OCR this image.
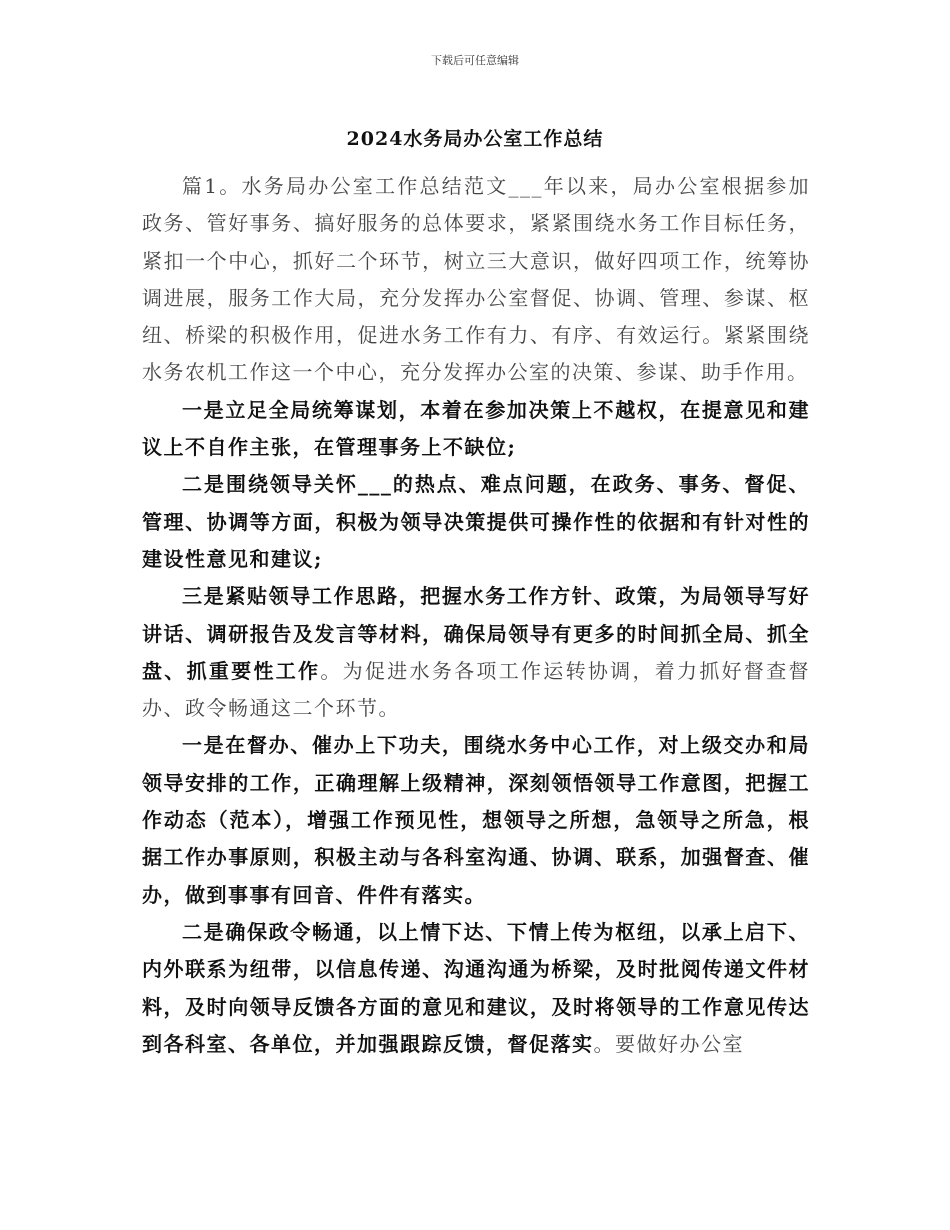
下载后可任意编辑
2024水务局办公室工作总结

篇1。水务局办公室工作总结范文___年以来，局办公室根据参加政务、管好事务、搞好服务的总体要求，紧紧围绕水务工作目标任务，紧扣一个中心，抓好二个环节，树立三大意识，做好四项工作，统筹协调进展，服务工作大局，充分发挥办公室督促、协调、管理、参谋、枢纽、桥梁的积极作用，促进水务工作有力、有序、有效运行。紧紧围绕水务农机工作这一个中心，充分发挥办公室的决策、参谋、助手作用。

一是立足全局统筹谋划，本着在参加决策上不越权，在提意见和建议上不自作主张，在管理事务上不缺位;

二是围绕领导关怀___的热点、难点问题，在政务、事务、督促、管理、协调等方面，积极为领导决策提供可操作性的依据和有针对性的建设性意见和建议;

三是紧贴领导工作思路，把握水务工作方针、政策，为局领导写好讲话、调研报告及发言等材料，确保局领导有更多的时间抓全局、抓全盘、抓重要性工作。为促进水务各项工作运转协调，着力抓好督查督办、政令畅通这二个环节。

一是在督办、催办上下功夫，围绕水务中心工作，对上级交办和局领导安排的工作，正确理解上级精神，深刻领悟领导工作意图，把握工作动态（范本），增强工作预见性，想领导之所想，急领导之所急，根据工作办事原则，积极主动与各科室沟通、协调、联系，加强督查、催办，做到事事有回音、件件有落实。

二是确保政令畅通，以上情下达、下情上传为枢纽，以承上启下、内外联系为纽带，以信息传递、沟通沟通为桥梁，及时批阅传递文件材料，及时向领导反馈各方面的意见和建议，及时将领导的工作意见传达到各科室、各单位，并加强跟踪反馈，督促落实。要做好办公室
